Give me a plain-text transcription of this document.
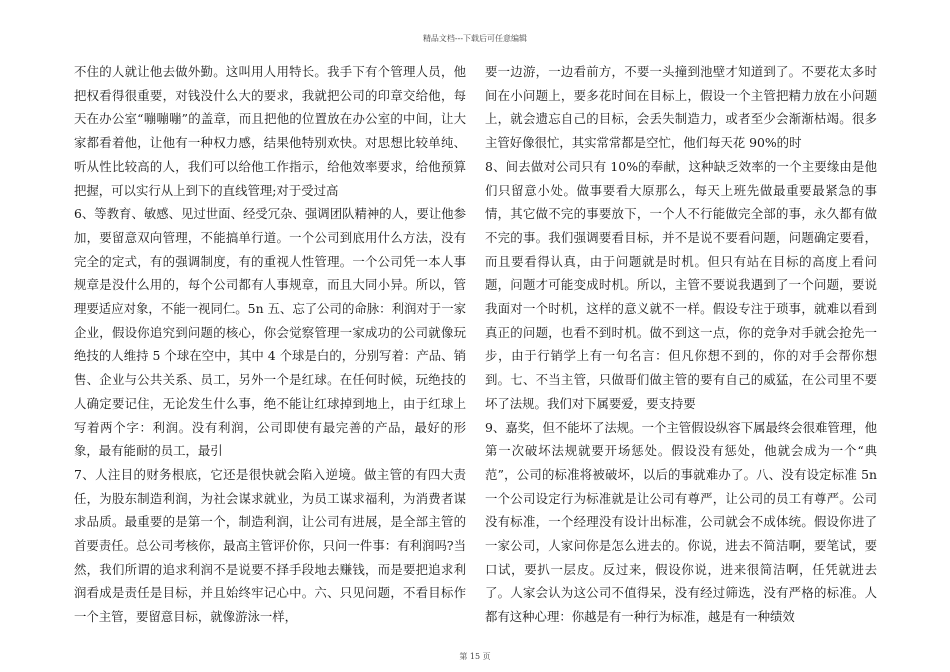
精品文档---下载后可任意编辑

不住的人就让他去做外勤。这叫用人用特长。我手下有个管理人员，他把权看得很重要，对钱没什么大的要求，我就把公司的印章交给他，每天在办公室“嘣嘣嘣”的盖章，而且把他的位置放在办公室的中间，让大家都看着他，让他有一种权力感，结果他特别欢快。对思想比较单纯、听从性比较高的人，我们可以给他工作指示，给他效率要求，给他预算把握，可以实行从上到下的直线管理;对于受过高

6、等教育、敏感、见过世面、经受冗杂、强调团队精神的人，要让他参加，要留意双向管理，不能搞单行道。一个公司到底用什么方法，没有完全的定式，有的强调制度，有的重视人性管理。一个公司凭一本人事规章是没什么用的，每个公司都有人事规章，而且大同小异。所以，管理要适应对象，不能一视同仁。5n 五、忘了公司的命脉：利润对于一家企业，假设你追究到问题的核心，你会觉察管理一家成功的公司就像玩绝技的人维持 5 个球在空中，其中 4 个球是白的，分别写着：产品、销售、企业与公共关系、员工，另外一个是红球。在任何时候，玩绝技的人确定要记住，无论发生什么事，绝不能让红球掉到地上，由于红球上写着两个字：利润。没有利润，公司即使有最完善的产品，最好的形象，最有能耐的员工，最引

7、人注目的财务根底，它还是很快就会陷入逆境。做主管的有四大责任，为股东制造利润，为社会谋求就业，为员工谋求福利，为消费者谋求品质。最重要的是第一个，制造利润，让公司有进展，是全部主管的首要责任。总公司考核你，最高主管评价你，只问一件事：有利润吗?当然，我们所谓的追求利润不是说要不择手段地去赚钱，而是要把追求利润看成是责任是目标，并且始终牢记心中。六、只见问题，不看目标作一个主管，要留意目标，就像游泳一样，

要一边游，一边看前方，不要一头撞到池壁才知道到了。不要花太多时间在小问题上，要多花时间在目标上，假设一个主管把精力放在小问题上，就会遗忘自己的目标，会丢失制造力，或者至少会渐渐枯竭。很多主管好像很忙，其实常常都是空忙，他们每天花 90%的时

8、间去做对公司只有 10%的奉献，这种缺乏效率的一个主要缘由是他们只留意小处。做事要看大原那么，每天上班先做最重要最紧急的事情，其它做不完的事要放下，一个人不行能做完全部的事，永久都有做不完的事。我们强调要看目标，并不是说不要看问题，问题确定要看，而且要看得认真，由于问题就是时机。但只有站在目标的高度上看问题，问题才可能变成时机。所以，主管不要说我遇到了一个问题，要说我面对一个时机，这样的意义就不一样。假设专注于琐事，就难以看到真正的问题，也看不到时机。做不到这一点，你的竞争对手就会抢先一步，由于行销学上有一句名言：但凡你想不到的，你的对手会帮你想到。七、不当主管，只做哥们做主管的要有自己的威猛，在公司里不要坏了法规。我们对下属要爱，要支持要

9、嘉奖，但不能坏了法规。一个主管假设纵容下属最终会很难管理，他第一次破坏法规就要开场惩处。假设没有惩处，他就会成为一个“典范”，公司的标准将被破坏，以后的事就难办了。八、没有设定标准 5n 一个公司设定行为标准就是让公司有尊严，让公司的员工有尊严。公司没有标准，一个经理没有设计出标准，公司就会不成体统。假设你进了一家公司，人家问你是怎么进去的。你说，进去不简洁啊，要笔试，要口试，要扒一层皮。反过来，假设你说，进来很简洁啊，任凭就进去了。人家会认为这公司不值得呆，没有经过筛选，没有严格的标准。人都有这种心理：你越是有一种行为标准，越是有一种绩效

第 15 页
